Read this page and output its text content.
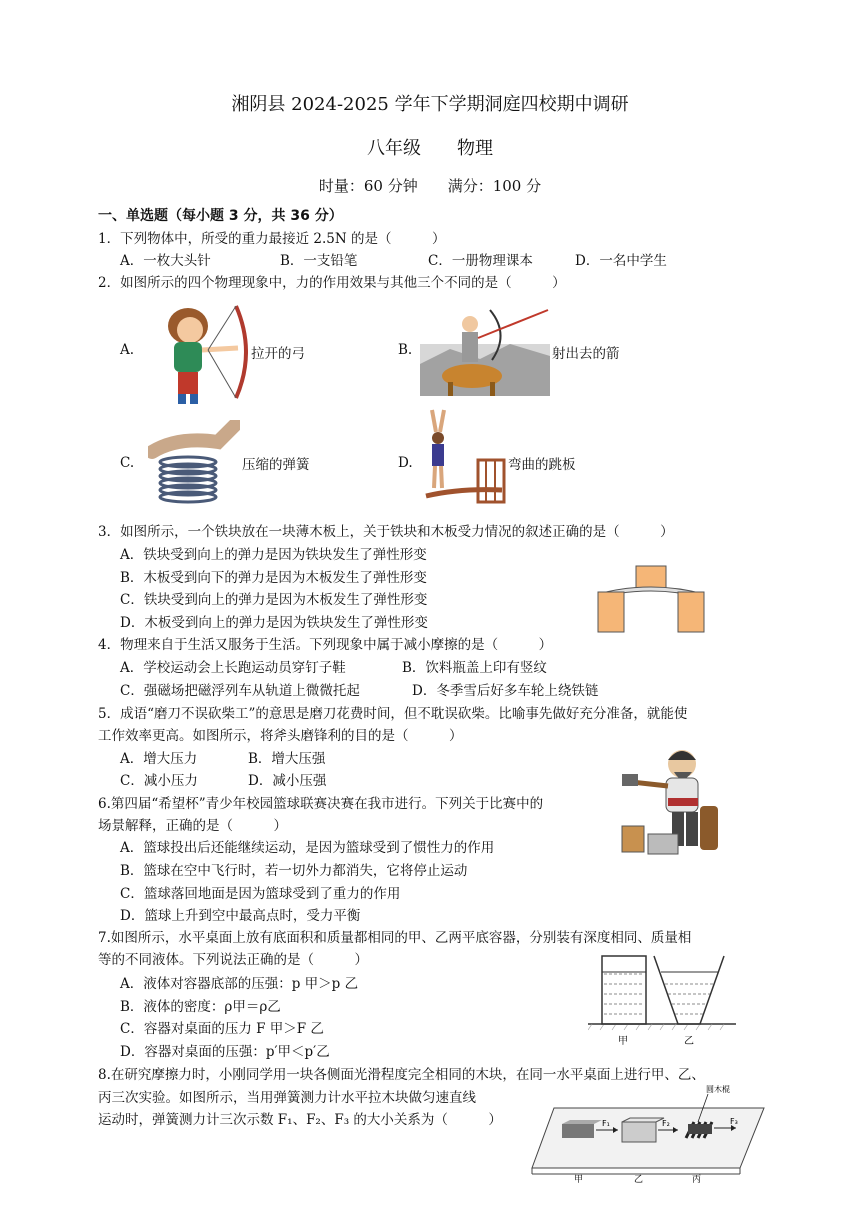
湘阴县 2024-2025 学年下学期洞庭四校期中调研
八年级　　物理
时量：60 分钟　　满分：100 分
一、单选题（每小题 3 分，共 36 分）
1．下列物体中，所受的重力最接近 2.5N 的是（　　　）
A．一枚大头针	B．一支铅笔	C．一册物理课本	D．一名中学生
2．如图所示的四个物理现象中，力的作用效果与其他三个不同的是（　　　）
A.	拉开的弓	B.	射出去的箭
C.	压缩的弹簧	D.	弯曲的跳板
3．如图所示，一个铁块放在一块薄木板上，关于铁块和木板受力情况的叙述正确的是（　　　）
A．铁块受到向上的弹力是因为铁块发生了弹性形变
B．木板受到向下的弹力是因为木板发生了弹性形变
C．铁块受到向上的弹力是因为木板发生了弹性形变
D．木板受到向上的弹力是因为铁块发生了弹性形变
4．物理来自于生活又服务于生活。下列现象中属于减小摩擦的是（　　　）
A．学校运动会上长跑运动员穿钉子鞋	B．饮料瓶盖上印有竖纹
C．强磁场把磁浮列车从轨道上微微托起	D．冬季雪后好多车轮上绕铁链
5．成语“磨刀不误砍柴工”的意思是磨刀花费时间，但不耽误砍柴。比喻事先做好充分准备，就能使
工作效率更高。如图所示，将斧头磨锋利的目的是（　　　）
A．增大压力	B．增大压强
C．减小压力	D．减小压强
6.第四届“希望杯”青少年校园篮球联赛决赛在我市进行。下列关于比赛中的
场景解释，正确的是（　　　）
A．篮球投出后还能继续运动，是因为篮球受到了惯性力的作用
B．篮球在空中飞行时，若一切外力都消失，它将停止运动
C．篮球落回地面是因为篮球受到了重力的作用
D．篮球上升到空中最高点时，受力平衡
7.如图所示，水平桌面上放有底面积和质量都相同的甲、乙两平底容器，分别装有深度相同、质量相
等的不同液体。下列说法正确的是（　　　）
A．液体对容器底部的压强：p 甲＞p 乙
B．液体的密度：ρ甲＝ρ乙
C．容器对桌面的压力 F 甲＞F 乙
D．容器对桌面的压强：p′甲＜p′乙
甲	乙
8.在研究摩擦力时，小刚同学用一块各侧面光滑程度完全相同的木块，在同一水平桌面上进行甲、乙、
丙三次实验。如图所示，当用弹簧测力计水平拉木块做匀速直线
运动时，弹簧测力计三次示数 F₁、F₂、F₃ 的大小关系为（　　　）	F₁	F₂	F₃
圆木棍
甲	乙	丙
